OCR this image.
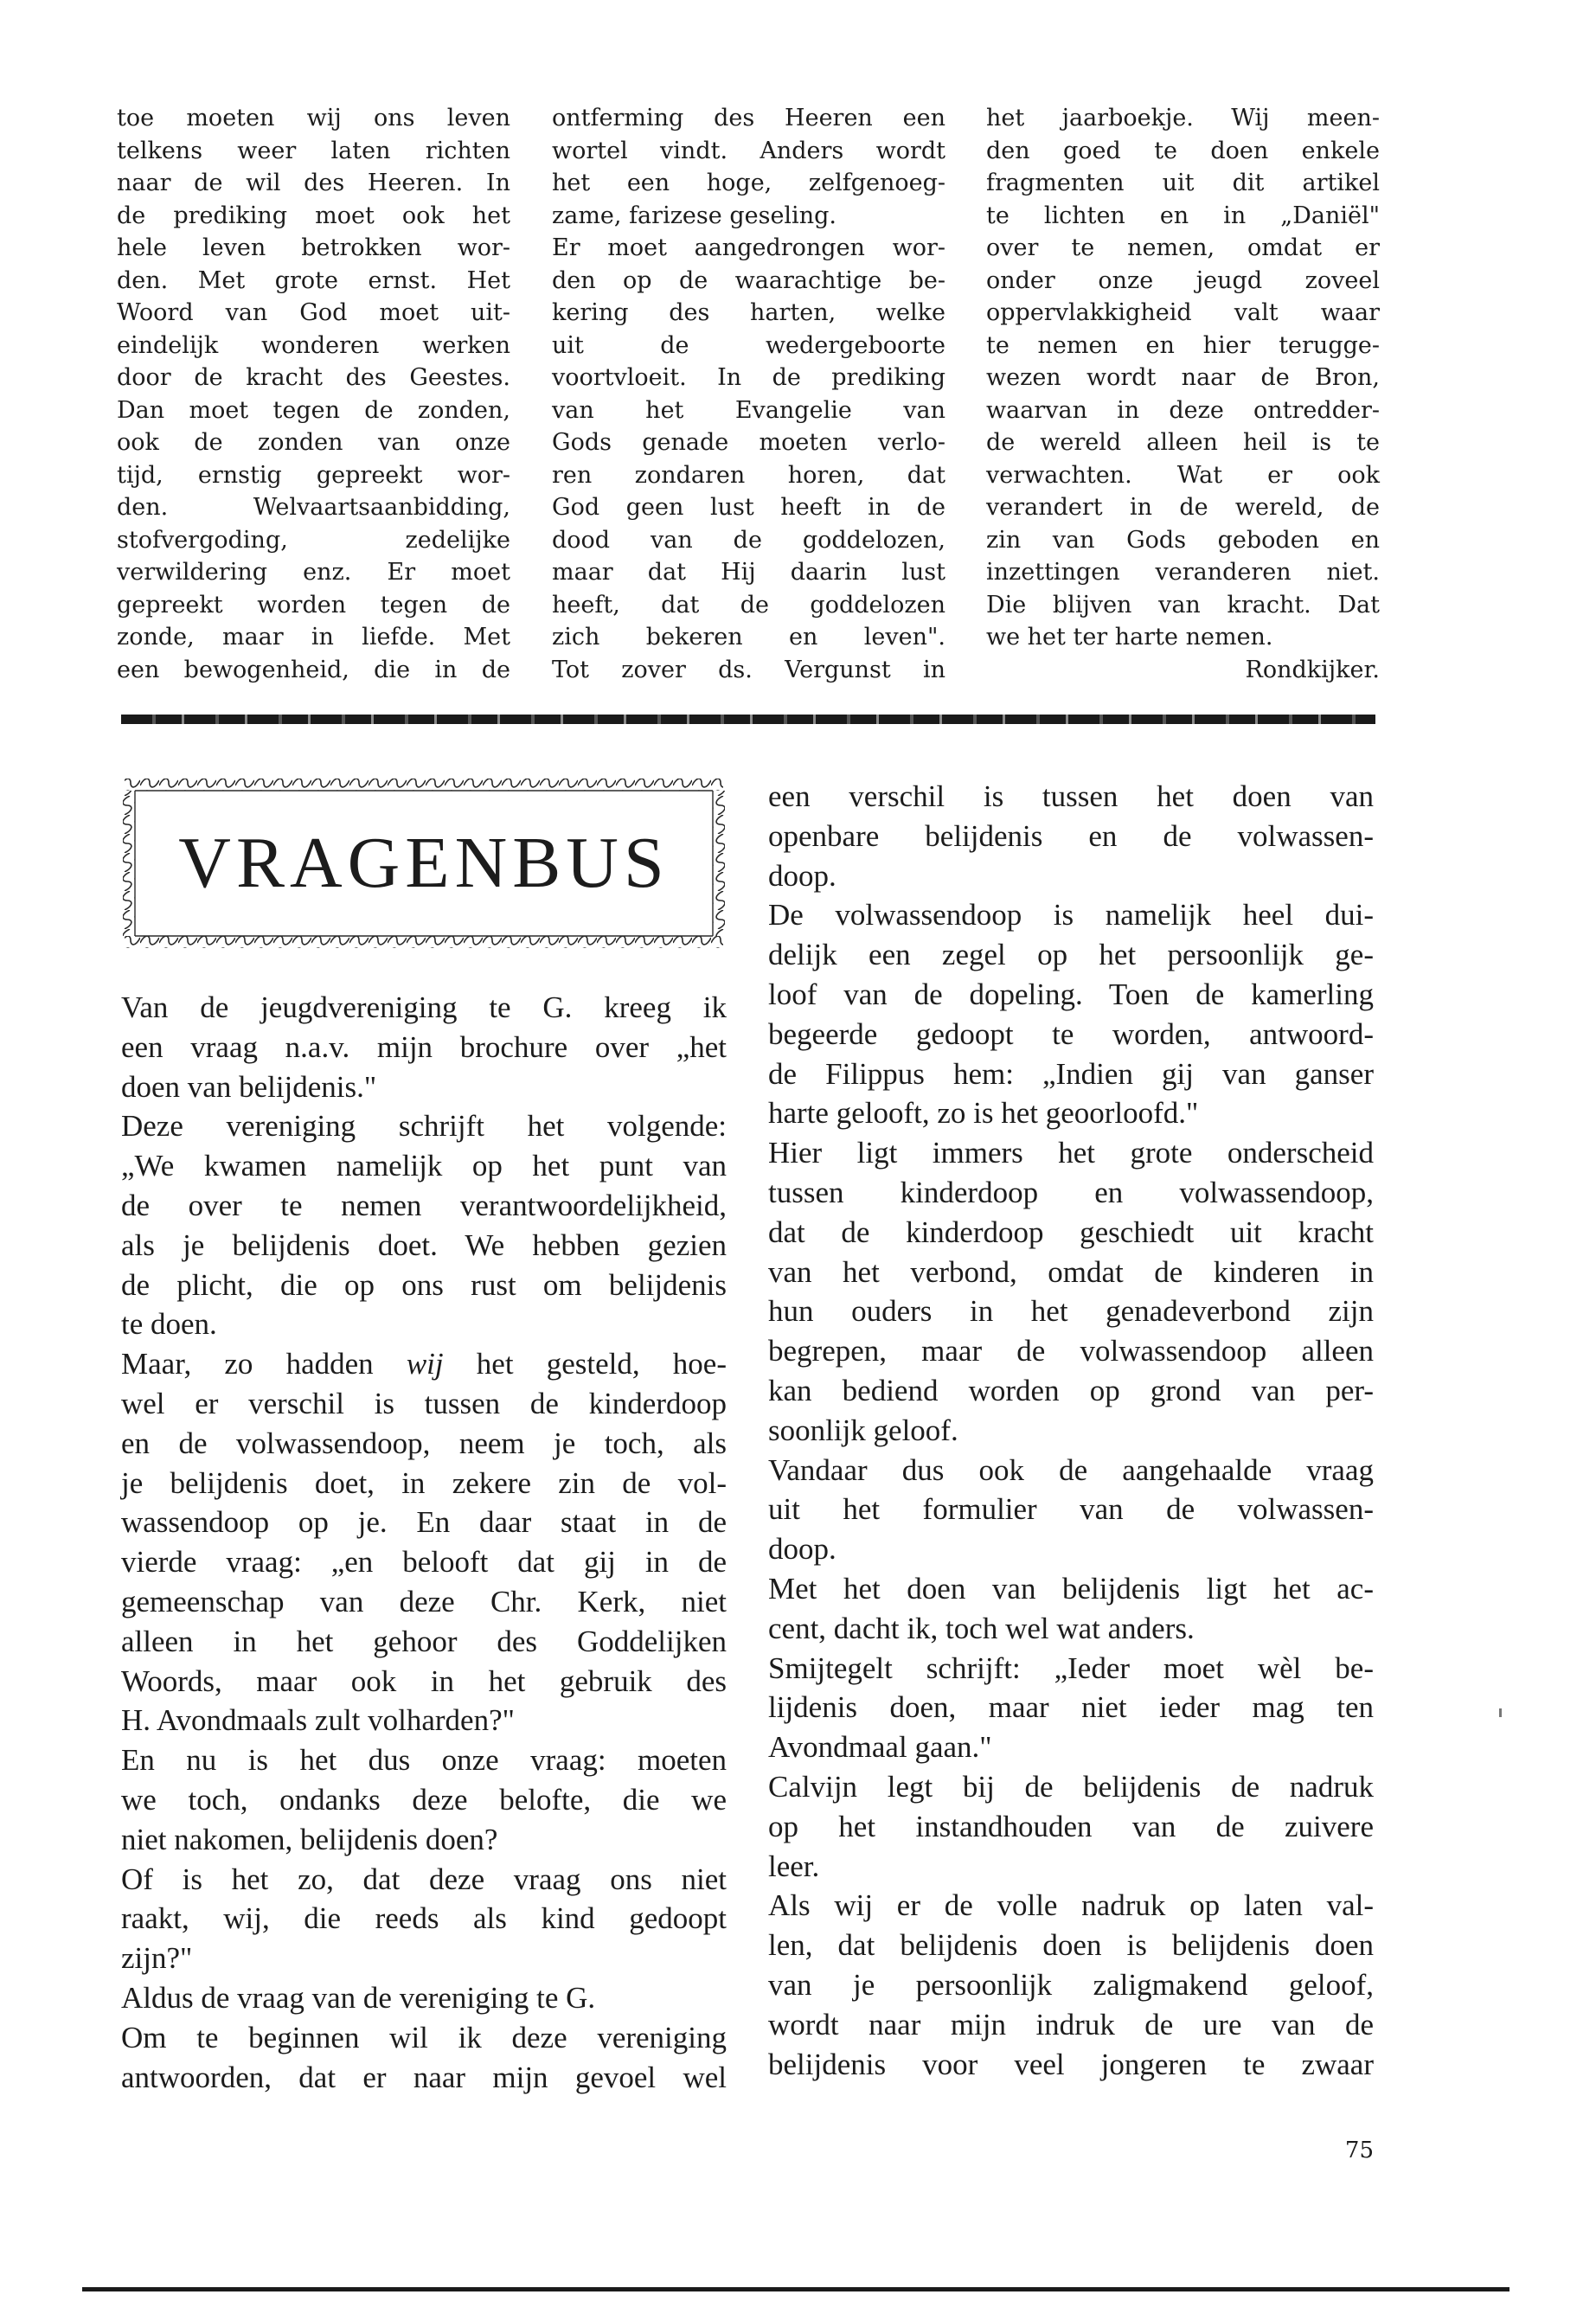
toe moeten wij ons leven
telkens weer laten richten
naar de wil des Heeren. In
de prediking moet ook het
hele leven betrokken wor-
den. Met grote ernst. Het
Woord van God moet uit-
eindelijk wonderen werken
door de kracht des Geestes.
Dan moet tegen de zonden,
ook de zonden van onze
tijd, ernstig gepreekt wor-
den. Welvaartsaanbidding,
stofvergoding, zedelijke
verwildering enz. Er moet
gepreekt worden tegen de
zonde, maar in liefde. Met
een bewogenheid, die in de
ontferming des Heeren een
wortel vindt. Anders wordt
het een hoge, zelfgenoeg-
zame, farizese geseling.
Er moet aangedrongen wor-
den op de waarachtige be-
kering des harten, welke
uit de wedergeboorte
voortvloeit. In de prediking
van het Evangelie van
Gods genade moeten verlo-
ren zondaren horen, dat
God geen lust heeft in de
dood van de goddelozen,
maar dat Hij daarin lust
heeft, dat de goddelozen
zich bekeren en leven".
Tot zover ds. Vergunst in
het jaarboekje. Wij meen-
den goed te doen enkele
fragmenten uit dit artikel
te lichten en in „Daniël"
over te nemen, omdat er
onder onze jeugd zoveel
oppervlakkigheid valt waar
te nemen en hier terugge-
wezen wordt naar de Bron,
waarvan in deze ontredder-
de wereld alleen heil is te
verwachten. Wat er ook
verandert in de wereld, de
zin van Gods geboden en
inzettingen veranderen niet.
Die blijven van kracht. Dat
we het ter harte nemen.
Rondkijker.
VRAGENBUS
Van de jeugdvereniging te G. kreeg ik
een vraag n.a.v. mijn brochure over „het
doen van belijdenis."
Deze vereniging schrijft het volgende:
„We kwamen namelijk op het punt van
de over te nemen verantwoordelijkheid,
als je belijdenis doet. We hebben gezien
de plicht, die op ons rust om belijdenis
te doen.
Maar, zo hadden wij het gesteld, hoe-
wel er verschil is tussen de kinderdoop
en de volwassendoop, neem je toch, als
je belijdenis doet, in zekere zin de vol-
wassendoop op je. En daar staat in de
vierde vraag: „en belooft dat gij in de
gemeenschap van deze Chr. Kerk, niet
alleen in het gehoor des Goddelijken
Woords, maar ook in het gebruik des
H. Avondmaals zult volharden?"
En nu is het dus onze vraag: moeten
we toch, ondanks deze belofte, die we
niet nakomen, belijdenis doen?
Of is het zo, dat deze vraag ons niet
raakt, wij, die reeds als kind gedoopt
zijn?"
Aldus de vraag van de vereniging te G.
Om te beginnen wil ik deze vereniging
antwoorden, dat er naar mijn gevoel wel
een verschil is tussen het doen van
openbare belijdenis en de volwassen-
doop.
De volwassendoop is namelijk heel dui-
delijk een zegel op het persoonlijk ge-
loof van de dopeling. Toen de kamerling
begeerde gedoopt te worden, antwoord-
de Filippus hem: „Indien gij van ganser
harte gelooft, zo is het geoorloofd."
Hier ligt immers het grote onderscheid
tussen kinderdoop en volwassendoop,
dat de kinderdoop geschiedt uit kracht
van het verbond, omdat de kinderen in
hun ouders in het genadeverbond zijn
begrepen, maar de volwassendoop alleen
kan bediend worden op grond van per-
soonlijk geloof.
Vandaar dus ook de aangehaalde vraag
uit het formulier van de volwassen-
doop.
Met het doen van belijdenis ligt het ac-
cent, dacht ik, toch wel wat anders.
Smijtegelt schrijft: „Ieder moet wèl be-
lijdenis doen, maar niet ieder mag ten
Avondmaal gaan."
Calvijn legt bij de belijdenis de nadruk
op het instandhouden van de zuivere
leer.
Als wij er de volle nadruk op laten val-
len, dat belijdenis doen is belijdenis doen
van je persoonlijk zaligmakend geloof,
wordt naar mijn indruk de ure van de
belijdenis voor veel jongeren te zwaar
75
